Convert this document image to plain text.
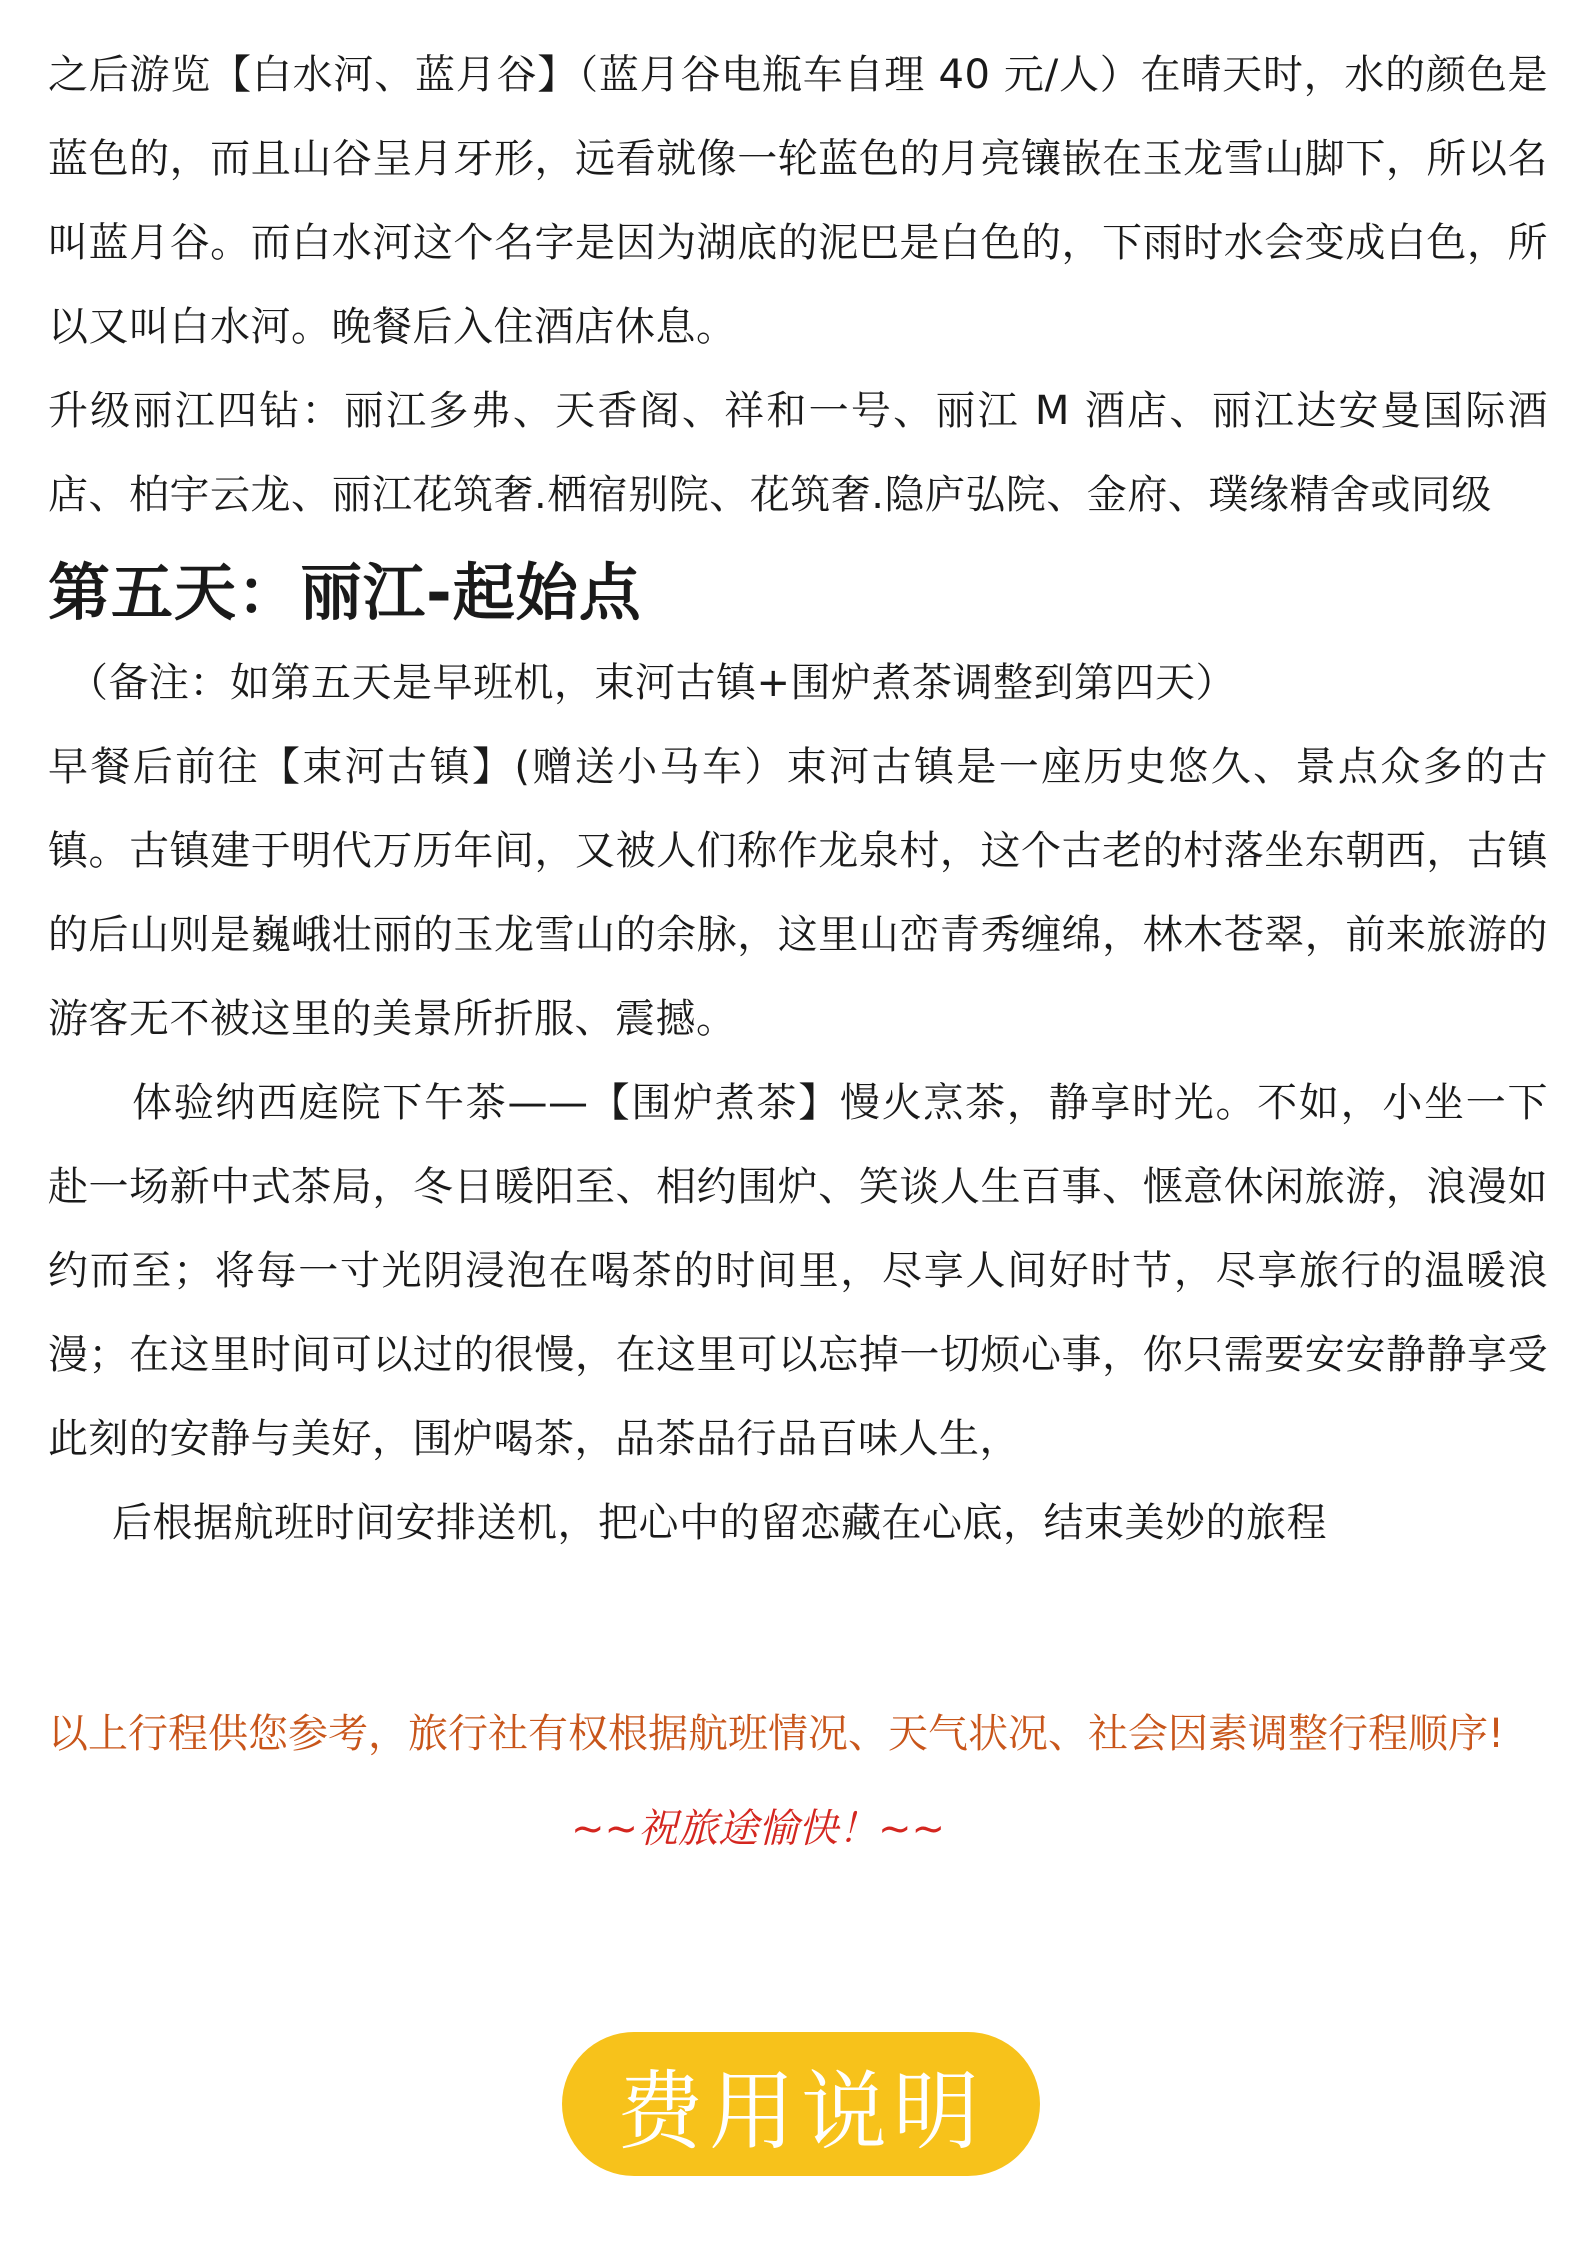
之后游览【白水河、蓝月谷】（蓝月谷电瓶车自理 40 元/人）在晴天时，水的颜色是蓝色的，而且山谷呈月牙形，远看就像一轮蓝色的月亮镶嵌在玉龙雪山脚下，所以名叫蓝月谷。而白水河这个名字是因为湖底的泥巴是白色的，下雨时水会变成白色，所以又叫白水河。晚餐后入住酒店休息。

升级丽江四钻：丽江多弗、天香阁、祥和一号、丽江 M 酒店、丽江达安曼国际酒店、柏宇云龙、丽江花筑奢.栖宿别院、花筑奢.隐庐弘院、金府、璞缘精舍或同级

第五天：丽江-起始点

（备注：如第五天是早班机，束河古镇+围炉煮茶调整到第四天）

早餐后前往【束河古镇】(赠送小马车）束河古镇是一座历史悠久、景点众多的古镇。古镇建于明代万历年间，又被人们称作龙泉村，这个古老的村落坐东朝西，古镇的后山则是巍峨壮丽的玉龙雪山的余脉，这里山峦青秀缠绵，林木苍翠，前来旅游的游客无不被这里的美景所折服、震撼。

体验纳西庭院下午茶——【围炉煮茶】慢火烹茶，静享时光。不如，小坐一下赴一场新中式茶局，冬日暖阳至、相约围炉、笑谈人生百事、惬意休闲旅游，浪漫如约而至；将每一寸光阴浸泡在喝茶的时间里，尽享人间好时节，尽享旅行的温暖浪漫；在这里时间可以过的很慢，在这里可以忘掉一切烦心事，你只需要安安静静享受此刻的安静与美好，围炉喝茶，品茶品行品百味人生，

后根据航班时间安排送机，把心中的留恋藏在心底，结束美妙的旅程

以上行程供您参考，旅行社有权根据航班情况、天气状况、社会因素调整行程顺序!

~~祝旅途愉快！~~

费用说明
